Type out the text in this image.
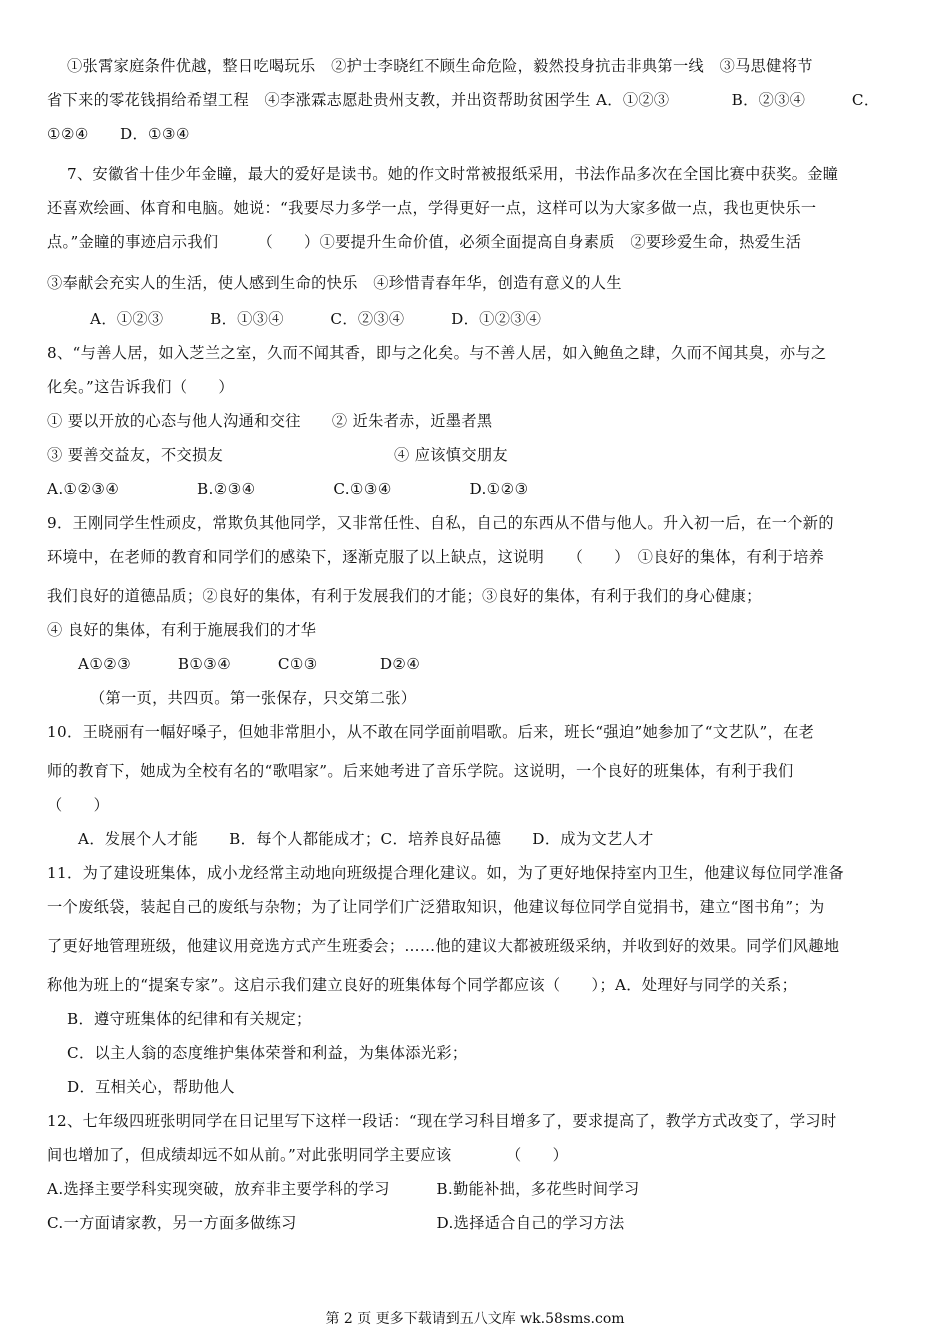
①张霄家庭条件优越，整日吃喝玩乐　②护士李晓红不顾生命危险，毅然投身抗击非典第一线　③马思健将节
省下来的零花钱捐给希望工程　④李涨霖志愿赴贵州支教，并出资帮助贫困学生 A．①②③　　　　B．②③④　　　C．
①②④　　D．①③④
7、安徽省十佳少年金瞳，最大的爱好是读书。她的作文时常被报纸采用，书法作品多次在全国比赛中获奖。金瞳
还喜欢绘画、体育和电脑。她说：“我要尽力多学一点，学得更好一点，这样可以为大家多做一点，我也更快乐一
点。”金瞳的事迹启示我们　　　（　　）①要提升生命价值，必须全面提高自身素质　②要珍爱生命，热爱生活
③奉献会充实人的生活，使人感到生命的快乐　④珍惜青春年华，创造有意义的人生
A．①②③　　　B．①③④　　　C．②③④　　　D．①②③④
8、“与善人居，如入芝兰之室，久而不闻其香，即与之化矣。与不善人居，如入鲍鱼之肆，久而不闻其臭，亦与之
化矣。”这告诉我们（　　）
① 要以开放的心态与他人沟通和交往　　② 近朱者赤，近墨者黑
③ 要善交益友，不交损友　　　　　　　　　　　④ 应该慎交朋友
A.①②③④　　　　　B.②③④　　　　　C.①③④　　　　　D.①②③
9．王刚同学生性顽皮，常欺负其他同学，又非常任性、自私，自己的东西从不借与他人。升入初一后，在一个新的
环境中，在老师的教育和同学们的感染下，逐渐克服了以上缺点，这说明　　（　　）　①良好的集体，有利于培养
我们良好的道德品质；②良好的集体，有利于发展我们的才能；③良好的集体，有利于我们的身心健康；
④ 良好的集体，有利于施展我们的才华
A①②③　　　B①③④　　　C①③　　　　D②④
（第一页，共四页。第一张保存，只交第二张）
10．王晓丽有一幅好嗓子，但她非常胆小，从不敢在同学面前唱歌。后来，班长“强迫”她参加了“文艺队”，在老
师的教育下，她成为全校有名的“歌唱家”。后来她考进了音乐学院。这说明，一个良好的班集体，有利于我们
（　　）
A．发展个人才能　　B．每个人都能成才；C．培养良好品德　　D．成为文艺人才
11．为了建设班集体，成小龙经常主动地向班级提合理化建议。如，为了更好地保持室内卫生，他建议每位同学准备
一个废纸袋，装起自己的废纸与杂物；为了让同学们广泛猎取知识，他建议每位同学自觉捐书，建立“图书角”；为
了更好地管理班级，他建议用竞选方式产生班委会；……他的建议大都被班级采纳，并收到好的效果。同学们风趣地
称他为班上的“提案专家”。这启示我们建立良好的班集体每个同学都应该（　　）；A．处理好与同学的关系；
B．遵守班集体的纪律和有关规定；
C．以主人翁的态度维护集体荣誉和利益，为集体添光彩；
D．互相关心，帮助他人
12、七年级四班张明同学在日记里写下这样一段话：“现在学习科目增多了，要求提高了，教学方式改变了，学习时
间也增加了，但成绩却远不如从前。”对此张明同学主要应该　　　　（　　）
A.选择主要学科实现突破，放弃非主要学科的学习　　　B.勤能补拙，多花些时间学习
C.一方面请家教，另一方面多做练习　　　　　　　　　D.选择适合自己的学习方法
第 2 页 更多下载请到五八文库 wk.58sms.com
